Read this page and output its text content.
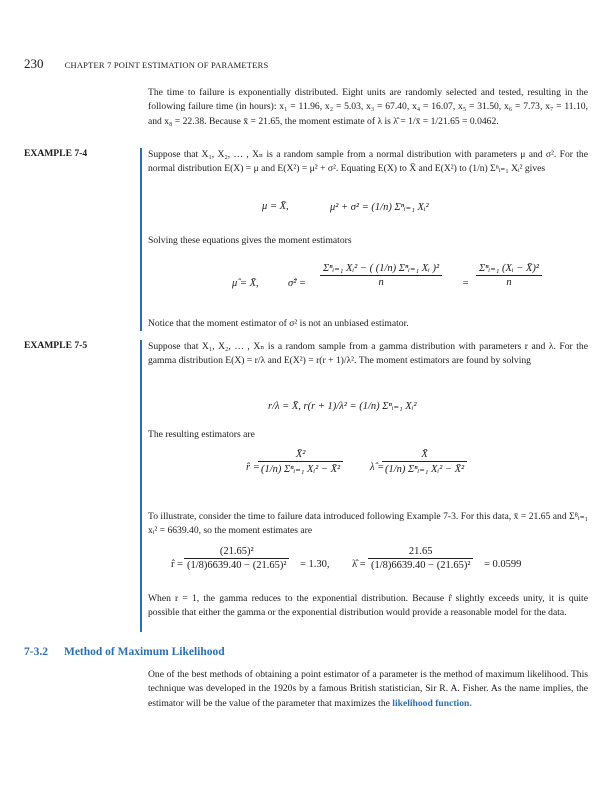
230 CHAPTER 7 POINT ESTIMATION OF PARAMETERS
The time to failure is exponentially distributed. Eight units are randomly selected and tested, resulting in the following failure time (in hours): x₁ = 11.96, x₂ = 5.03, x₃ = 67.40, x₄ = 16.07, x₅ = 31.50, x₆ = 7.73, x₇ = 11.10, and x₈ = 22.38. Because x̄ = 21.65, the moment estimate of λ is λ̂ = 1/x̄ = 1/21.65 = 0.0462.
EXAMPLE 7-4	Suppose that X₁, X₂, … , Xₙ is a random sample from a normal distribution with parameters μ and σ². For the normal distribution E(X) = μ and E(X²) = μ² + σ². Equating E(X) to X̄ and E(X²) to (1/n) Σⁿᵢ₌₁ Xᵢ² gives
μ = X̄,	μ² + σ² = (1/n) Σⁿᵢ₌₁ Xᵢ²
Solving these equations gives the moment estimators
μ̂ = X̄,	σ̂² = $\frac{\text{Σⁿᵢ₌₁ Xᵢ² − ( (1/n) Σⁿᵢ₌₁ Xᵢ )²}}{n} = \frac{\text{Σⁿᵢ₌₁ (Xᵢ − X̄)²}}{n}$
Notice that the moment estimator of σ² is not an unbiased estimator.
EXAMPLE 7-5	Suppose that X₁, X₂, … , Xₙ is a random sample from a gamma distribution with parameters r and λ. For the gamma distribution E(X) = r/λ and E(X²) = r(r + 1)/λ². The moment estimators are found by solving
r/λ = X̄, r(r + 1)/λ² = (1/n) Σⁿᵢ₌₁ Xᵢ²
The resulting estimators are
r̂ =
$\frac{\text{X̄²}}{\text{(1/n) Σⁿᵢ₌₁ Xᵢ² − X̄²}}$	λ̂ =
$\frac{X̄}{\text{(1/n) Σⁿᵢ₌₁ Xᵢ² − X̄²}}$
To illustrate, consider the time to failure data introduced following Example 7-3. For this data, x̄ = 21.65 and Σ⁸ᵢ₌₁ xᵢ² = 6639.40, so the moment estimates are
r̂ = $\frac{\text{(21.65)²}}{\text{(1/8)6639.40 − (21.65)²}} = 1.30$, λ̂ = $\frac{21.65}{\text{(1/8)6639.40 − (21.65)²}} = 0.0599$
When r = 1, the gamma reduces to the exponential distribution. Because r̂ slightly exceeds unity, it is quite possible that either the gamma or the exponential distribution would provide a reasonable model for the data.
7-3.2 Method of Maximum Likelihood
One of the best methods of obtaining a point estimator of a parameter is the method of maximum likelihood. This technique was developed in the 1920s by a famous British statistician, Sir R. A. Fisher. As the name implies, the estimator will be the value of the parameter that maximizes the likelihood function.
